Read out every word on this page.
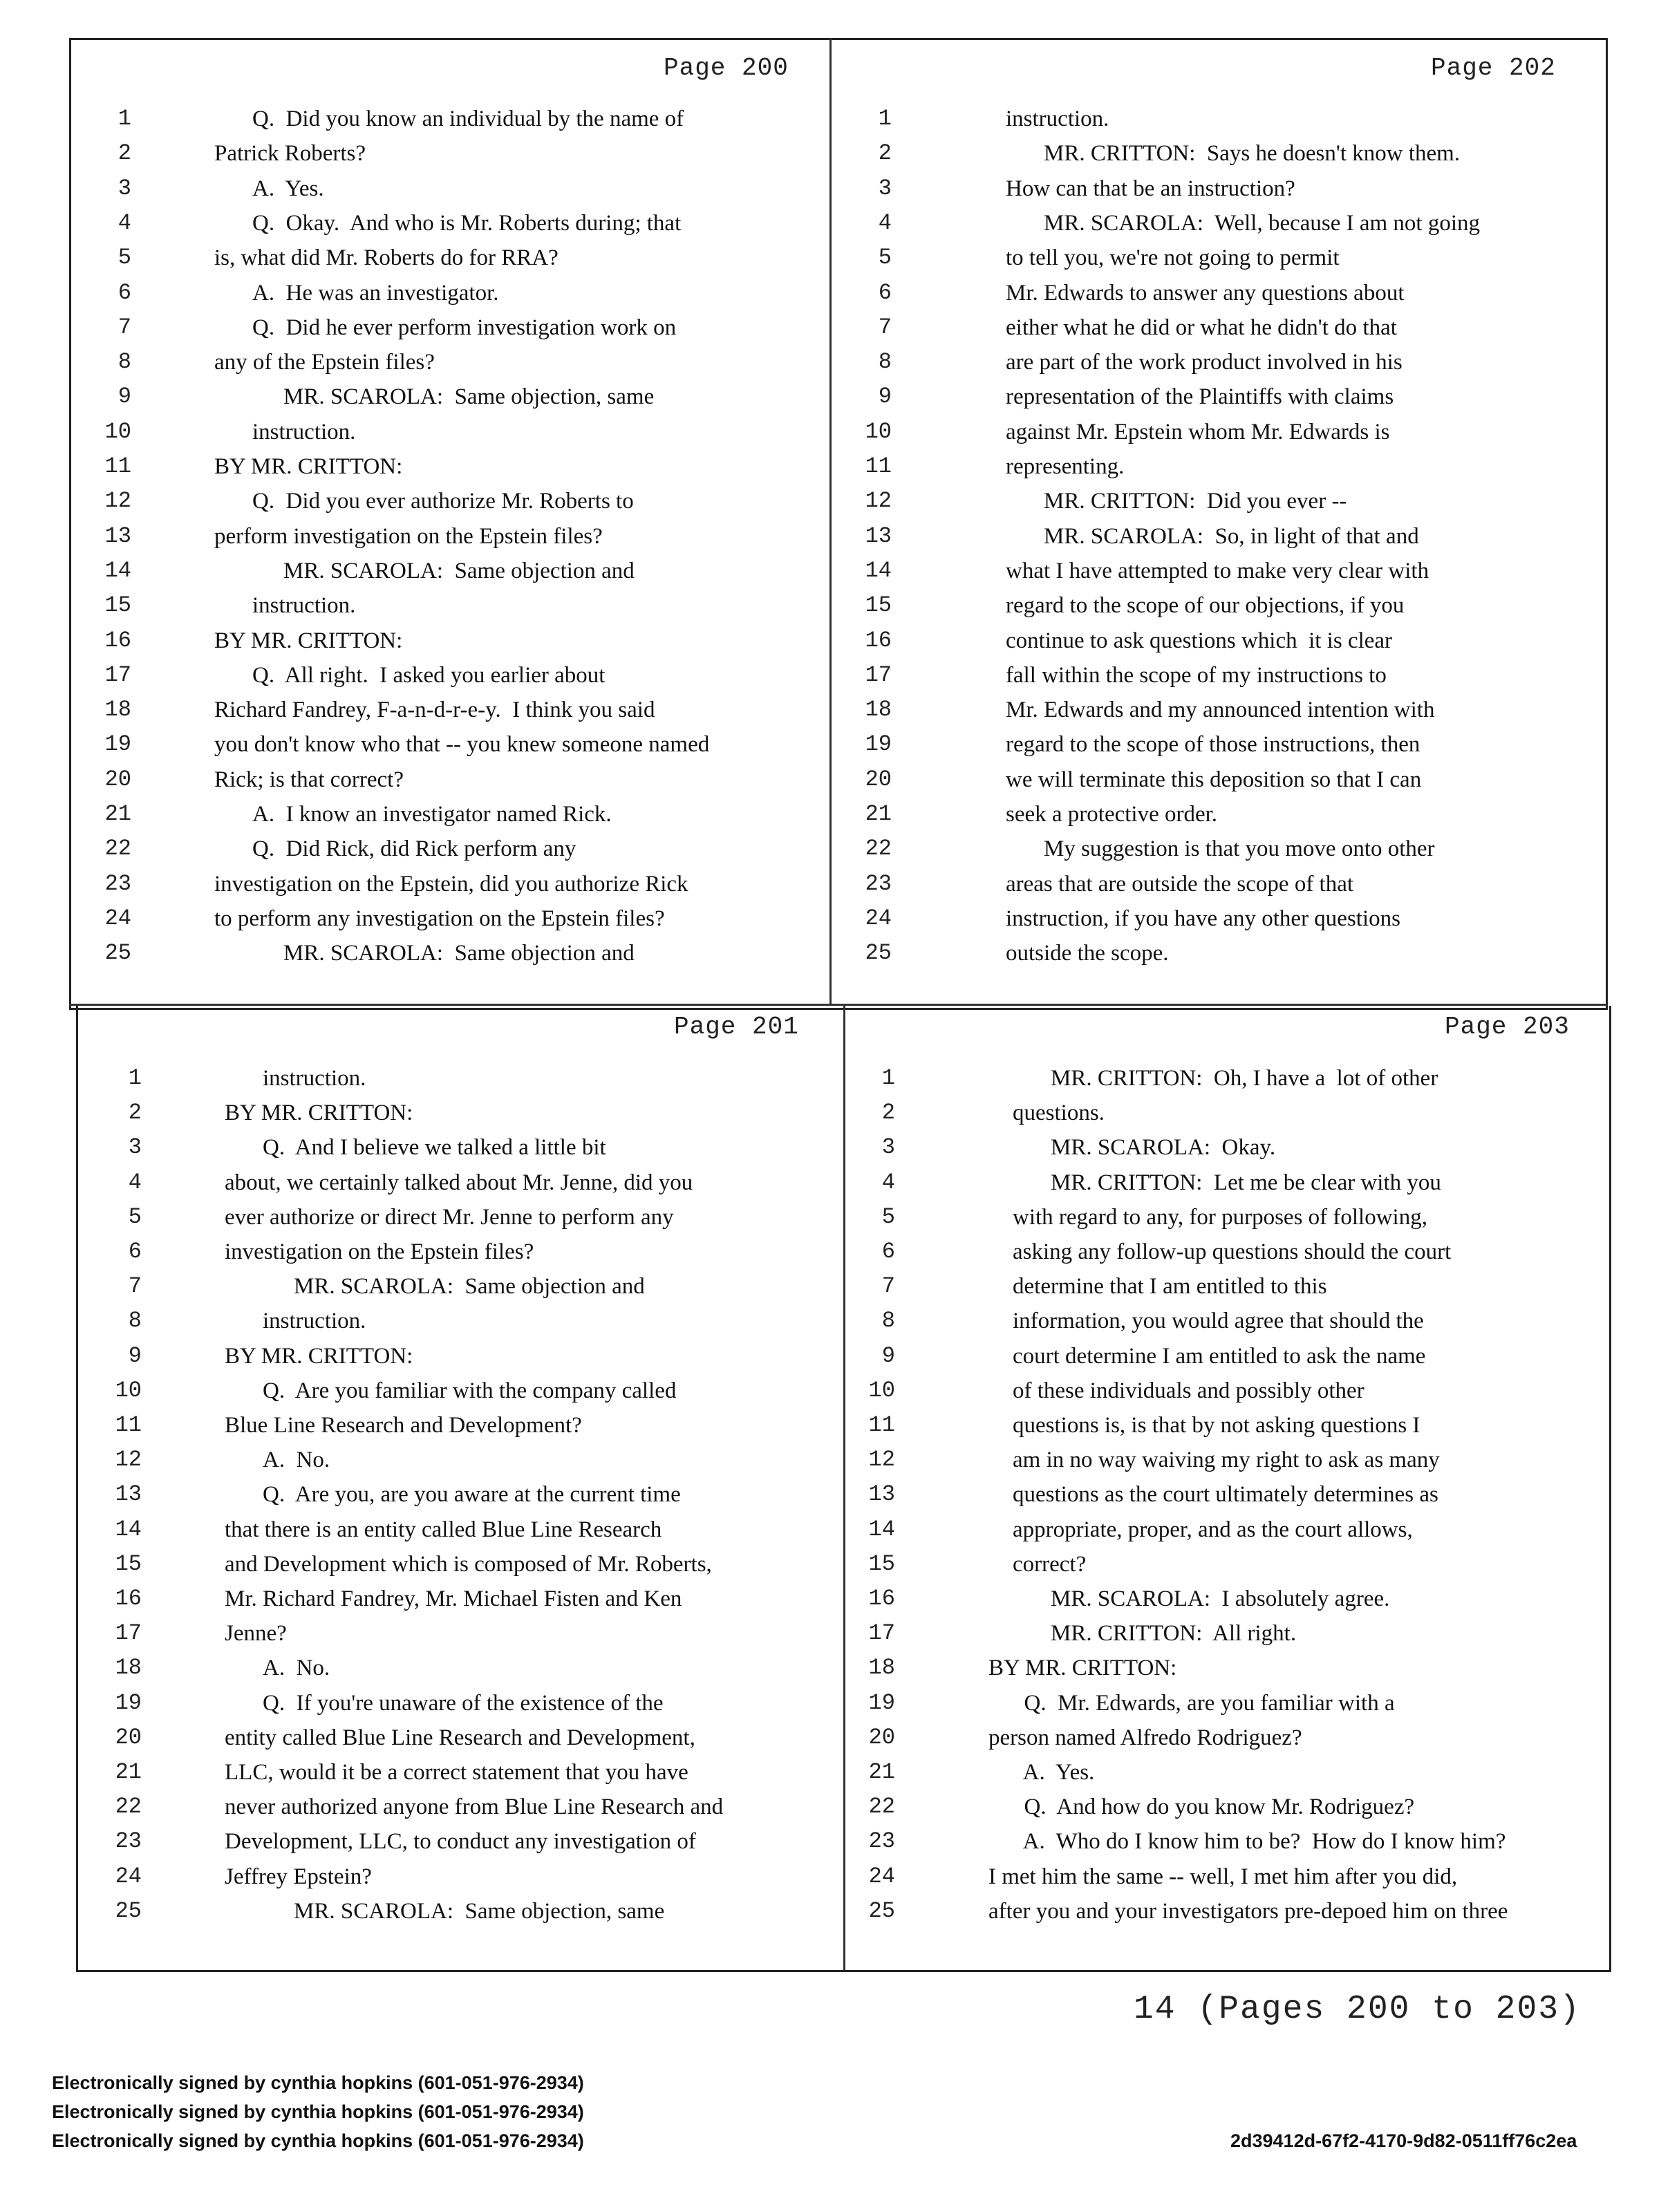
14 (Pages 200 to 203)
Electronically signed by cynthia hopkins (601-051-976-2934)
Electronically signed by cynthia hopkins (601-051-976-2934)
Electronically signed by cynthia hopkins (601-051-976-2934)	2d39412d-67f2-4170-9d82-0511ff76c2ea
Page 200
1	Q.  Did you know an individual by the name of
2	Patrick Roberts?
3	A.  Yes.
4	Q.  Okay.  And who is Mr. Roberts during; that
5	is, what did Mr. Roberts do for RRA?
6	A.  He was an investigator.
7	Q.  Did he ever perform investigation work on
8	any of the Epstein files?
9	MR. SCAROLA:  Same objection, same
10	instruction.
11	BY MR. CRITTON:
12	Q.  Did you ever authorize Mr. Roberts to
13	perform investigation on the Epstein files?
14	MR. SCAROLA:  Same objection and
15	instruction.
16	BY MR. CRITTON:
17	Q.  All right.  I asked you earlier about
18	Richard Fandrey, F-a-n-d-r-e-y.  I think you said
19	you don't know who that -- you knew someone named
20	Rick; is that correct?
21	A.  I know an investigator named Rick.
22	Q.  Did Rick, did Rick perform any
23	investigation on the Epstein, did you authorize Rick
24	to perform any investigation on the Epstein files?
25	MR. SCAROLA:  Same objection and
Page 202
1	instruction.
2	MR. CRITTON:  Says he doesn't know them.
3	How can that be an instruction?
4	MR. SCAROLA:  Well, because I am not going
5	to tell you, we're not going to permit
6	Mr. Edwards to answer any questions about
7	either what he did or what he didn't do that
8	are part of the work product involved in his
9	representation of the Plaintiffs with claims
10	against Mr. Epstein whom Mr. Edwards is
11	representing.
12	MR. CRITTON:  Did you ever --
13	MR. SCAROLA:  So, in light of that and
14	what I have attempted to make very clear with
15	regard to the scope of our objections, if you
16	continue to ask questions which  it is clear
17	fall within the scope of my instructions to
18	Mr. Edwards and my announced intention with
19	regard to the scope of those instructions, then
20	we will terminate this deposition so that I can
21	seek a protective order.
22	My suggestion is that you move onto other
23	areas that are outside the scope of that
24	instruction, if you have any other questions
25	outside the scope.
Page 201
1	instruction.
2	BY MR. CRITTON:
3	Q.  And I believe we talked a little bit
4	about, we certainly talked about Mr. Jenne, did you
5	ever authorize or direct Mr. Jenne to perform any
6	investigation on the Epstein files?
7	MR. SCAROLA:  Same objection and
8	instruction.
9	BY MR. CRITTON:
10	Q.  Are you familiar with the company called
11	Blue Line Research and Development?
12	A.  No.
13	Q.  Are you, are you aware at the current time
14	that there is an entity called Blue Line Research
15	and Development which is composed of Mr. Roberts,
16	Mr. Richard Fandrey, Mr. Michael Fisten and Ken
17	Jenne?
18	A.  No.
19	Q.  If you're unaware of the existence of the
20	entity called Blue Line Research and Development,
21	LLC, would it be a correct statement that you have
22	never authorized anyone from Blue Line Research and
23	Development, LLC, to conduct any investigation of
24	Jeffrey Epstein?
25	MR. SCAROLA:  Same objection, same
Page 203
1	MR. CRITTON:  Oh, I have a  lot of other
2	questions.
3	MR. SCAROLA:  Okay.
4	MR. CRITTON:  Let me be clear with you
5	with regard to any, for purposes of following,
6	asking any follow-up questions should the court
7	determine that I am entitled to this
8	information, you would agree that should the
9	court determine I am entitled to ask the name
10	of these individuals and possibly other
11	questions is, is that by not asking questions I
12	am in no way waiving my right to ask as many
13	questions as the court ultimately determines as
14	appropriate, proper, and as the court allows,
15	correct?
16	MR. SCAROLA:  I absolutely agree.
17	MR. CRITTON:  All right.
18	BY MR. CRITTON:
19	Q.  Mr. Edwards, are you familiar with a
20	person named Alfredo Rodriguez?
21	A.  Yes.
22	Q.  And how do you know Mr. Rodriguez?
23	A.  Who do I know him to be?  How do I know him?
24	I met him the same -- well, I met him after you did,
25	after you and your investigators pre-depoed him on three
